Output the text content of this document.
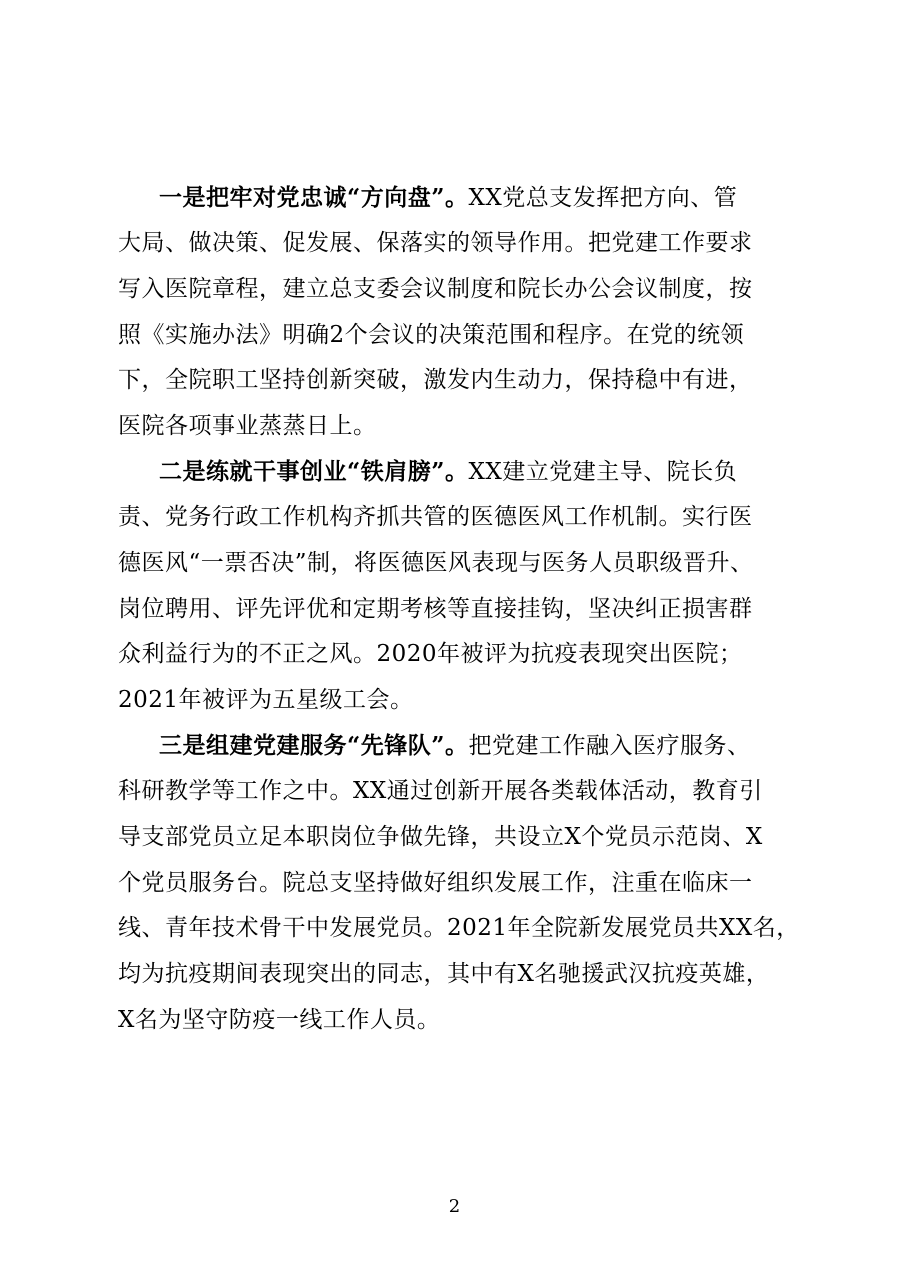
一是把牢对党忠诚“方向盘”。XX党总支发挥把方向、管
大局、做决策、促发展、保落实的领导作用。把党建工作要求
写入医院章程，建立总支委会议制度和院长办公会议制度，按
照《实施办法》明确2个会议的决策范围和程序。在党的统领
下，全院职工坚持创新突破，激发内生动力，保持稳中有进，
医院各项事业蒸蒸日上。
二是练就干事创业“铁肩膀”。XX建立党建主导、院长负
责、党务行政工作机构齐抓共管的医德医风工作机制。实行医
德医风“一票否决”制，将医德医风表现与医务人员职级晋升、
岗位聘用、评先评优和定期考核等直接挂钩，坚决纠正损害群
众利益行为的不正之风。2020年被评为抗疫表现突出医院；
2021年被评为五星级工会。
三是组建党建服务“先锋队”。把党建工作融入医疗服务、
科研教学等工作之中。XX通过创新开展各类载体活动，教育引
导支部党员立足本职岗位争做先锋，共设立X个党员示范岗、X
个党员服务台。院总支坚持做好组织发展工作，注重在临床一
线、青年技术骨干中发展党员。2021年全院新发展党员共XX名，
均为抗疫期间表现突出的同志，其中有X名驰援武汉抗疫英雄，
X名为坚守防疫一线工作人员。
2
